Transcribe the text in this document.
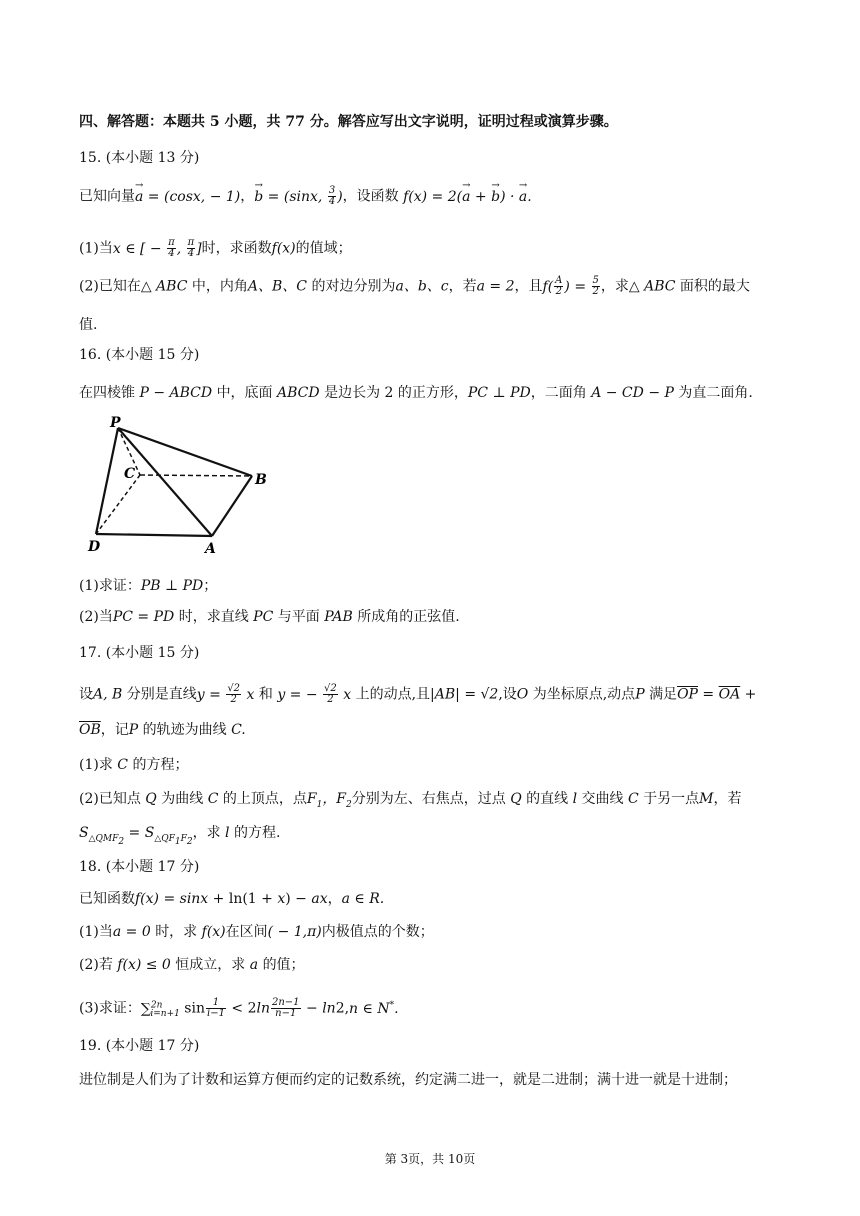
四、解答题：本题共 5 小题，共 77 分。解答应写出文字说明，证明过程或演算步骤。
15. (本小题 13 分)
已知向量→ a = (cosx, − 1)，→ b = (sinx, $\frac{3}{4}$ )，设函数 f(x) = 2(→ a + → b) · → a.
(1)当x ∈ [ − $\frac{\pi}{4}$ , $\frac{\pi}{4}$ ]时，求函数f(x)的值域；
(2)已知在△ ABC 中，内角A、B、C 的对边分别为a、b、c，若a = 2，且$f( \frac{A}{2}$ ) = $\frac{5}{2}$ ，求△ ABC 面积的最大
值.
16. (本小题 15 分)
在四棱锥 P − ABCD 中，底面 ABCD 是边长为 2 的正方形，PC ⊥ PD，二面角 A − CD − P 为直二面角.
P
C	B
D	A
(1)求证：PB ⊥ PD；
(2)当PC = PD 时，求直线 PC 与平面 PAB 所成角的正弦值.
17. (本小题 15 分)
设A, B 分别是直线$y = \frac{√2}{2}$ x 和 y = − $\frac{√2}{2}$ x 上的动点,且|AB| = √2,设O 为坐标原点,动点P 满足$\overline{OP} = \overline{OA}$ +
$\overline{OB}$，记P 的轨迹为曲线 C.
(1)求 C 的方程；
(2)已知点 Q 为曲线 C 的上顶点，点$F_1$，$F_2$分别为左、右焦点，过点 Q 的直线 l 交曲线 C 于另一点M，若
$S_{\triangle QMF_2} = S_{\triangle QF_1F_2}$，求 l 的方程.
18. (本小题 17 分)
已知函数f(x) = sinx + ln(1 + x) − ax，a ∈ R.
(1)当a = 0 时，求 f(x)在区间( − 1,π)内极值点的个数；
(2)若 f(x) ≤ 0 恒成立，求 a 的值；
(3)求证：∑$^{2n}_{i=n+1}$ $\sin \frac{1}{i-1} < 2\ln \frac{2n-1}{n-1} - \ln 2,n$ ∈ N*.
19. (本小题 17 分)
进位制是人们为了计数和运算方便而约定的记数系统，约定满二进一，就是二进制；满十进一就是十进制；
第 3页，共 10页
